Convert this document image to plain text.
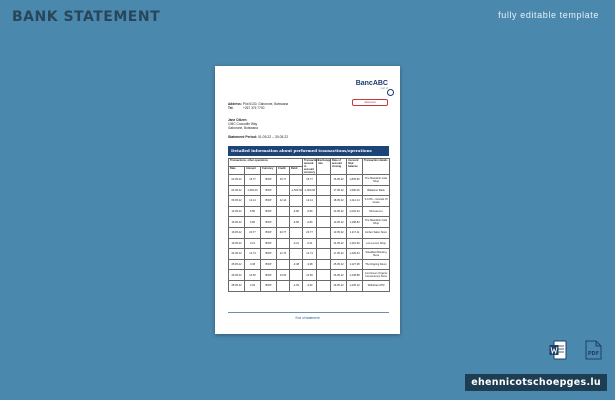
BANK STATEMENT	fully editable template
BancABC
part of
atlasmara
Address:Plot 6130, Gaborone, Botswana
Tel:	+267 376 7700
Jane Citizen
1/MC Crocodile Way
Gaborone, Botswana
Statement Period: 01.05.22 – 30.05.22
Detailed information about performed transactions/operations
Transactions, other operations					Transaction amount in account currency	Exchange rate	Date of account closing	Account final balance	Transaction details
Date	Amount	Currency	Credit	Debit					
02.05.22	15.77	BWP	15.77		15.77		15.05.22	1,835.66	The Mandarin Cafe Shop
04.05.22	1,500.00	BWP		-1,500.00	-1,500.00		17.05.22	1,500.00	Ballatone Bank
06.05.22	12.14	BWP	12.14		12.14		18.05.22	1,212.14	S.COS – Grands Of Grace
14.05.22	6.80	BWP		-6.80	-6.80		13.05.22	1,003.34	Mimosa Lui
15.05.22	6.80	BWP		-6.80	-6.80		13.05.22	1,198.84	The Mandarin Cafe Shop
16.05.22	20.77	BWP	20.77		20.77		13.05.22	1,217.11	Amber Salon Store
19.05.22	0.21	BWP		-0.21	-0.21		14.05.22	1,216.90	Lou Lemon Shop
24.05.22	12.74	BWP	12.74		12.74		17.05.22	1,229.64	Steadfast Brewing Store
25.05.22	3.38	BWP		-3.38	-3.38		25.05.22	1,227.38	The Dipping Room
26.05.22	10.50	BWP	10.50		10.50		26.05.22	1,238.88	Just Green Organic Convenience Store
28.05.22	2.93	BWP		-2.93	-2.93		29.05.22	1,235.13	Withdraw ATM
End of statement
PDF
ehennicotschoepges.lu
